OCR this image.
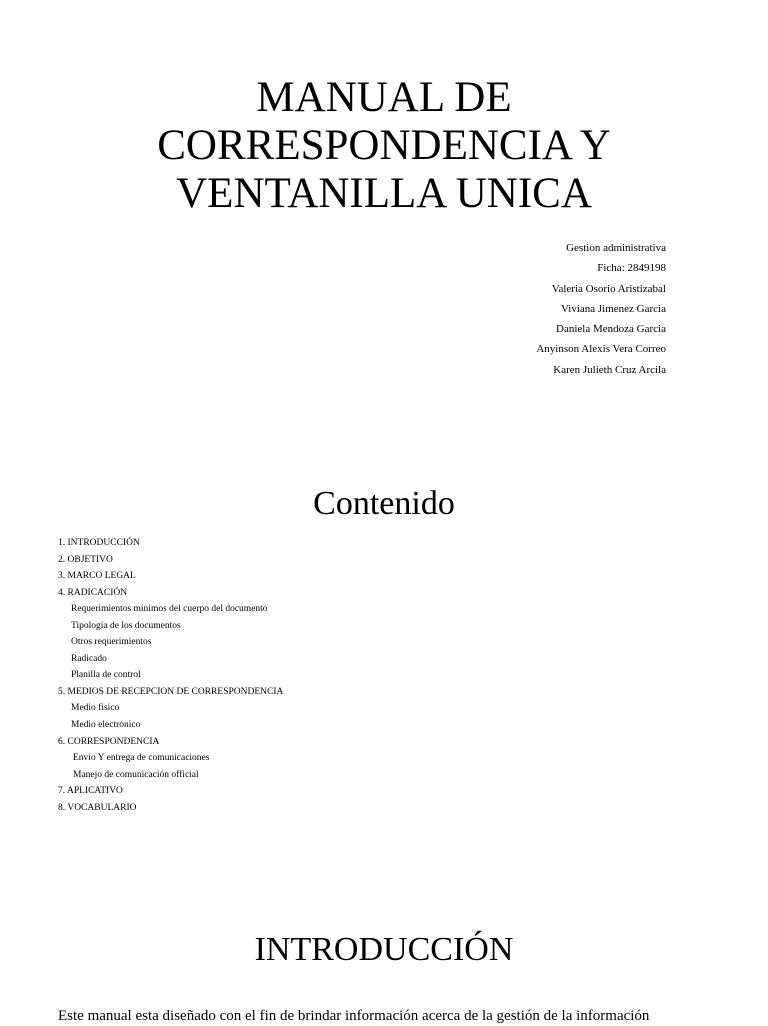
MANUAL DE
CORRESPONDENCIA Y
VENTANILLA UNICA
Gestion administrativa
Ficha: 2849198
Valeria Osorio Aristizabal
Viviana Jimenez Garcia
Daniela Mendoza Garcia
Anyinson Alexis Vera Correo
Karen Julieth Cruz Arcila
Contenido
1. INTRODUCCIÓN
2. OBJETIVO
3. MARCO LEGAL
4. RADICACIÓN
Requerimientos mínimos del cuerpo del documento
Tipologia de los documentos
Otros requerimientos
Radicado
Planilla de control
5. MEDIOS DE RECEPCION DE CORRESPONDENCIA
Medio fisico
Medio electronico
6. CORRESPONDENCIA
Envío Y entrega de comunicaciones
Manejo de comunicación official
7. APLICATIVO
8. VOCABULARIO
INTRODUCCIÓN

Este manual esta diseñado con el fin de brindar información acerca de la gestión de la información
